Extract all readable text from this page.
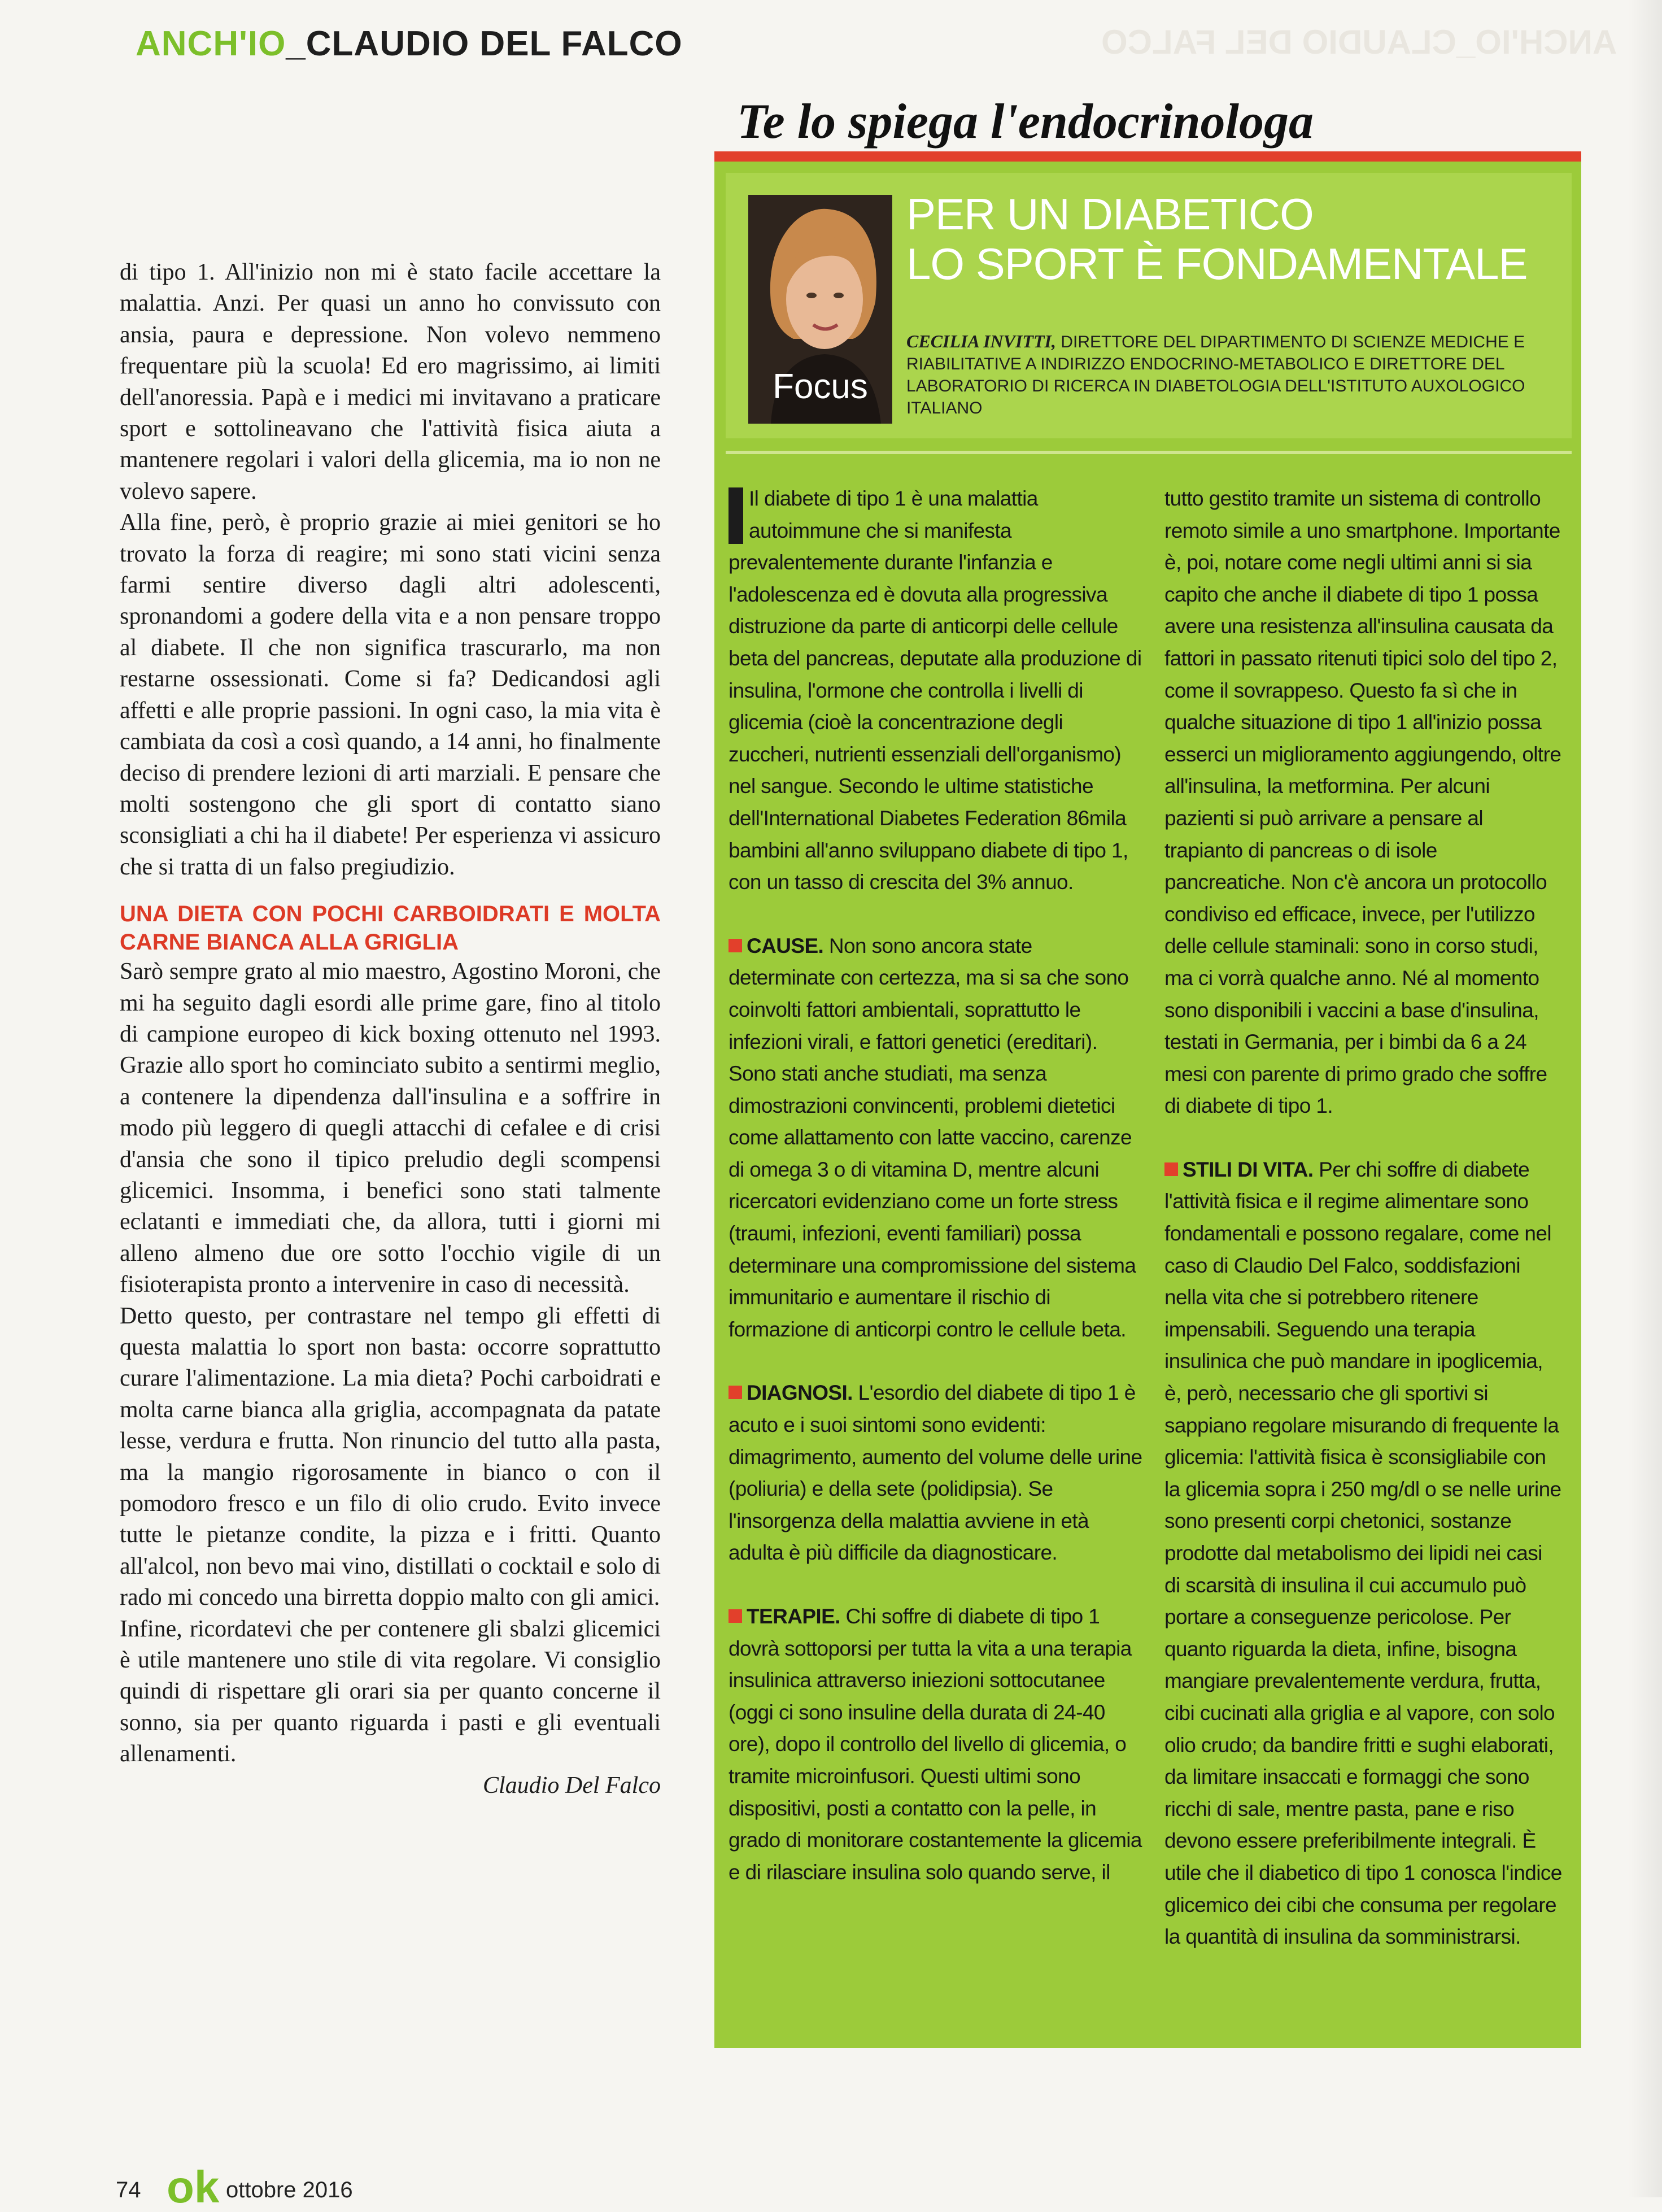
ANCH'IO_CLAUDIO DEL FALCO	ANCH'IO_CLAUDIO DEL FALCO

di tipo 1. All'inizio non mi è stato facile accettare la malattia. Anzi. Per quasi un anno ho convissuto con ansia, paura e depressione. Non volevo nemmeno frequentare più la scuola! Ed ero magrissimo, ai limiti dell'anoressia. Papà e i medici mi invitavano a praticare sport e sottolineavano che l'attività fisica aiuta a mantenere regolari i valori della glicemia, ma io non ne volevo sapere.

Alla fine, però, è proprio grazie ai miei genitori se ho trovato la forza di reagire; mi sono stati vicini senza farmi sentire diverso dagli altri adolescenti, spronandomi a godere della vita e a non pensare troppo al diabete. Il che non significa trascurarlo, ma non restarne ossessionati. Come si fa? Dedicandosi agli affetti e alle proprie passioni. In ogni caso, la mia vita è cambiata da così a così quando, a 14 anni, ho finalmente deciso di prendere lezioni di arti marziali. E pensare che molti sostengono che gli sport di contatto siano sconsigliati a chi ha il diabete! Per esperienza vi assicuro che si tratta di un falso pregiudizio.

UNA DIETA CON POCHI CARBOIDRATI E MOLTA CARNE BIANCA ALLA GRIGLIA

Sarò sempre grato al mio maestro, Agostino Moroni, che mi ha seguito dagli esordi alle prime gare, fino al titolo di campione europeo di kick boxing ottenuto nel 1993. Grazie allo sport ho cominciato subito a sentirmi meglio, a contenere la dipendenza dall'insulina e a soffrire in modo più leggero di quegli attacchi di cefalee e di crisi d'ansia che sono il tipico preludio degli scompensi glicemici. Insomma, i benefici sono stati talmente eclatanti e immediati che, da allora, tutti i giorni mi alleno almeno due ore sotto l'occhio vigile di un fisioterapista pronto a intervenire in caso di necessità.

Detto questo, per contrastare nel tempo gli effetti di questa malattia lo sport non basta: occorre soprattutto curare l'alimentazione. La mia dieta? Pochi carboidrati e molta carne bianca alla griglia, accompagnata da patate lesse, verdura e frutta. Non rinuncio del tutto alla pasta, ma la mangio rigorosamente in bianco o con il pomodoro fresco e un filo di olio crudo. Evito invece tutte le pietanze condite, la pizza e i fritti. Quanto all'alcol, non bevo mai vino, distillati o cocktail e solo di rado mi concedo una birretta doppio malto con gli amici.

Infine, ricordatevi che per contenere gli sbalzi glicemici è utile mantenere uno stile di vita regolare. Vi consiglio quindi di rispettare gli orari sia per quanto concerne il sonno, sia per quanto riguarda i pasti e gli eventuali allenamenti.

Claudio Del Falco

Te lo spiega l'endocrinologa
Focus
PER UN DIABETICO
LO SPORT È FONDAMENTALE
CECILIA INVITTI, DIRETTORE DEL DIPARTIMENTO DI SCIENZE MEDICHE E RIABILITATIVE A INDIRIZZO ENDOCRINO-METABOLICO E DIRETTORE DEL LABORATORIO DI RICERCA IN DIABETOLOGIA DELL'ISTITUTO AUXOLOGICO ITALIANO

Il diabete di tipo 1 è una malattia autoimmune che si manifesta prevalentemente durante l'infanzia e l'adolescenza ed è dovuta alla progressiva distruzione da parte di anticorpi delle cellule beta del pancreas, deputate alla produzione di insulina, l'ormone che controlla i livelli di glicemia (cioè la concentrazione degli zuccheri, nutrienti essenziali dell'organismo) nel sangue. Secondo le ultime statistiche dell'International Diabetes Federation 86mila bambini all'anno sviluppano diabete di tipo 1, con un tasso di crescita del 3% annuo.

CAUSE. Non sono ancora state determinate con certezza, ma si sa che sono coinvolti fattori ambientali, soprattutto le infezioni virali, e fattori genetici (ereditari). Sono stati anche studiati, ma senza dimostrazioni convincenti, problemi dietetici come allattamento con latte vaccino, carenze di omega 3 o di vitamina D, mentre alcuni ricercatori evidenziano come un forte stress (traumi, infezioni, eventi familiari) possa determinare una compromissione del sistema immunitario e aumentare il rischio di formazione di anticorpi contro le cellule beta.

DIAGNOSI. L'esordio del diabete di tipo 1 è acuto e i suoi sintomi sono evidenti: dimagrimento, aumento del volume delle urine (poliuria) e della sete (polidipsia). Se l'insorgenza della malattia avviene in età adulta è più difficile da diagnosticare.

TERAPIE. Chi soffre di diabete di tipo 1 dovrà sottoporsi per tutta la vita a una terapia insulinica attraverso iniezioni sottocutanee (oggi ci sono insuline della durata di 24-40 ore), dopo il controllo del livello di glicemia, o tramite microinfusori. Questi ultimi sono dispositivi, posti a contatto con la pelle, in grado di monitorare costantemente la glicemia e di rilasciare insulina solo quando serve, il

tutto gestito tramite un sistema di controllo remoto simile a uno smartphone. Importante è, poi, notare come negli ultimi anni si sia capito che anche il diabete di tipo 1 possa avere una resistenza all'insulina causata da fattori in passato ritenuti tipici solo del tipo 2, come il sovrappeso. Questo fa sì che in qualche situazione di tipo 1 all'inizio possa esserci un miglioramento aggiungendo, oltre all'insulina, la metformina. Per alcuni pazienti si può arrivare a pensare al trapianto di pancreas o di isole pancreatiche. Non c'è ancora un protocollo condiviso ed efficace, invece, per l'utilizzo delle cellule staminali: sono in corso studi, ma ci vorrà qualche anno. Né al momento sono disponibili i vaccini a base d'insulina, testati in Germania, per i bimbi da 6 a 24 mesi con parente di primo grado che soffre di diabete di tipo 1.

STILI DI VITA. Per chi soffre di diabete l'attività fisica e il regime alimentare sono fondamentali e possono regalare, come nel caso di Claudio Del Falco, soddisfazioni nella vita che si potrebbero ritenere impensabili. Seguendo una terapia insulinica che può mandare in ipoglicemia, è, però, necessario che gli sportivi si sappiano regolare misurando di frequente la glicemia: l'attività fisica è sconsigliabile con la glicemia sopra i 250 mg/dl o se nelle urine sono presenti corpi chetonici, sostanze prodotte dal metabolismo dei lipidi nei casi di scarsità di insulina il cui accumulo può portare a conseguenze pericolose. Per quanto riguarda la dieta, infine, bisogna mangiare prevalentemente verdura, frutta, cibi cucinati alla griglia e al vapore, con solo olio crudo; da bandire fritti e sughi elaborati, da limitare insaccati e formaggi che sono ricchi di sale, mentre pasta, pane e riso devono essere preferibilmente integrali. È utile che il diabetico di tipo 1 conosca l'indice glicemico dei cibi che consuma per regolare la quantità di insulina da somministrarsi.

74 ok ottobre 2016
